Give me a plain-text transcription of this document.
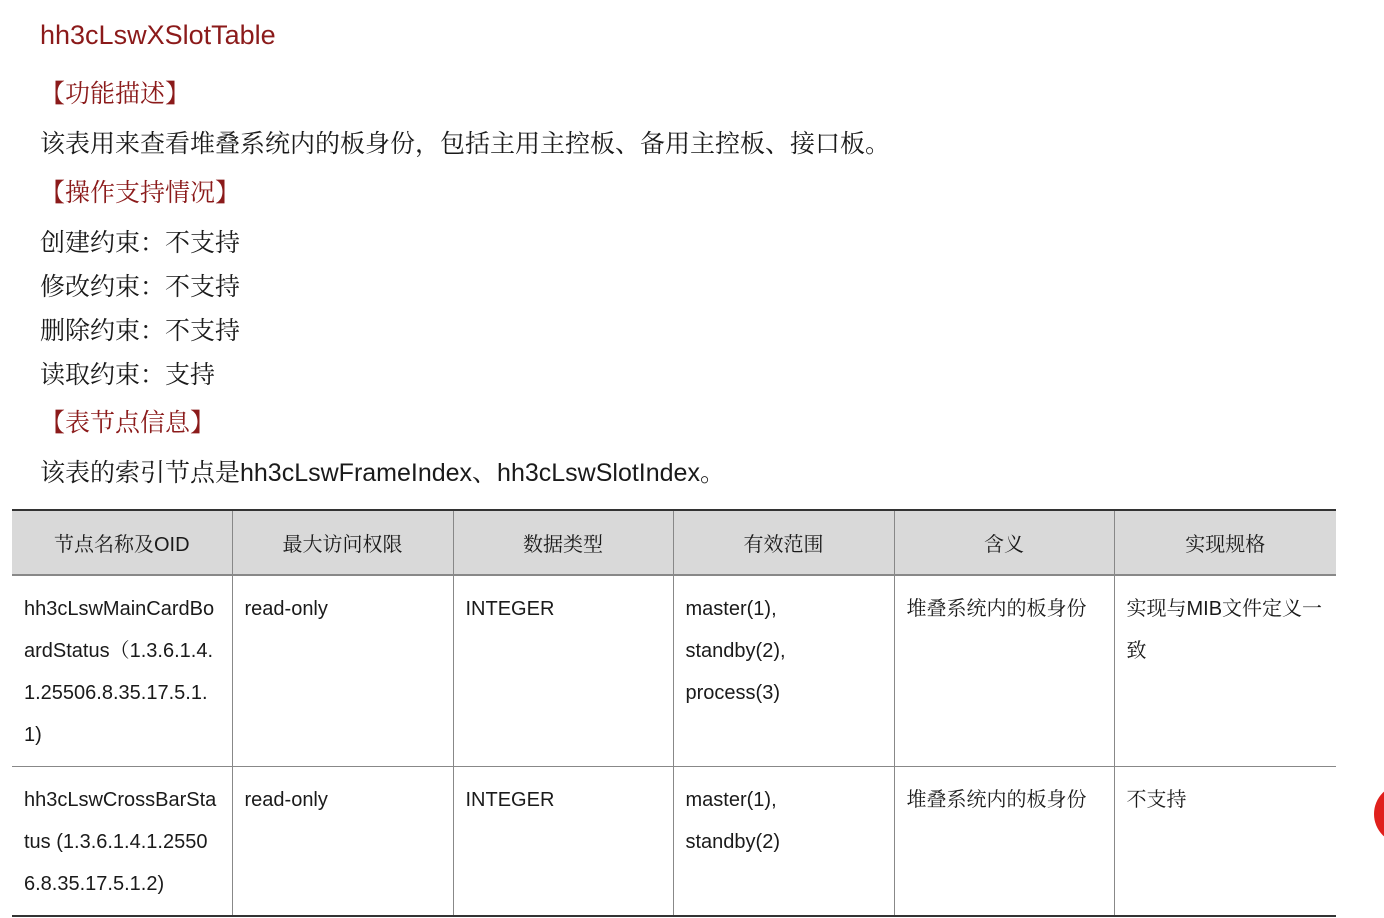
hh3cLswXSlotTable
【功能描述】
该表用来查看堆叠系统内的板身份，包括主用主控板、备用主控板、接口板。
【操作支持情况】
创建约束：不支持
修改约束：不支持
删除约束：不支持
读取约束：支持
【表节点信息】
该表的索引节点是hh3cLswFrameIndex、hh3cLswSlotIndex。
节点名称及OID	最大访问权限	数据类型	有效范围	含义	实现规格
hh3cLswMainCardBoardStatus（1.3.6.1.4.1.25506.8.35.17.5.1.1)	read-only	INTEGER	master(1),
standby(2),
process(3)	堆叠系统内的板身份	实现与MIB文件定义一致
hh3cLswCrossBarStatus (1.3.6.1.4.1.25506.8.35.17.5.1.2)	read-only	INTEGER	master(1),
standby(2)	堆叠系统内的板身份	不支持
